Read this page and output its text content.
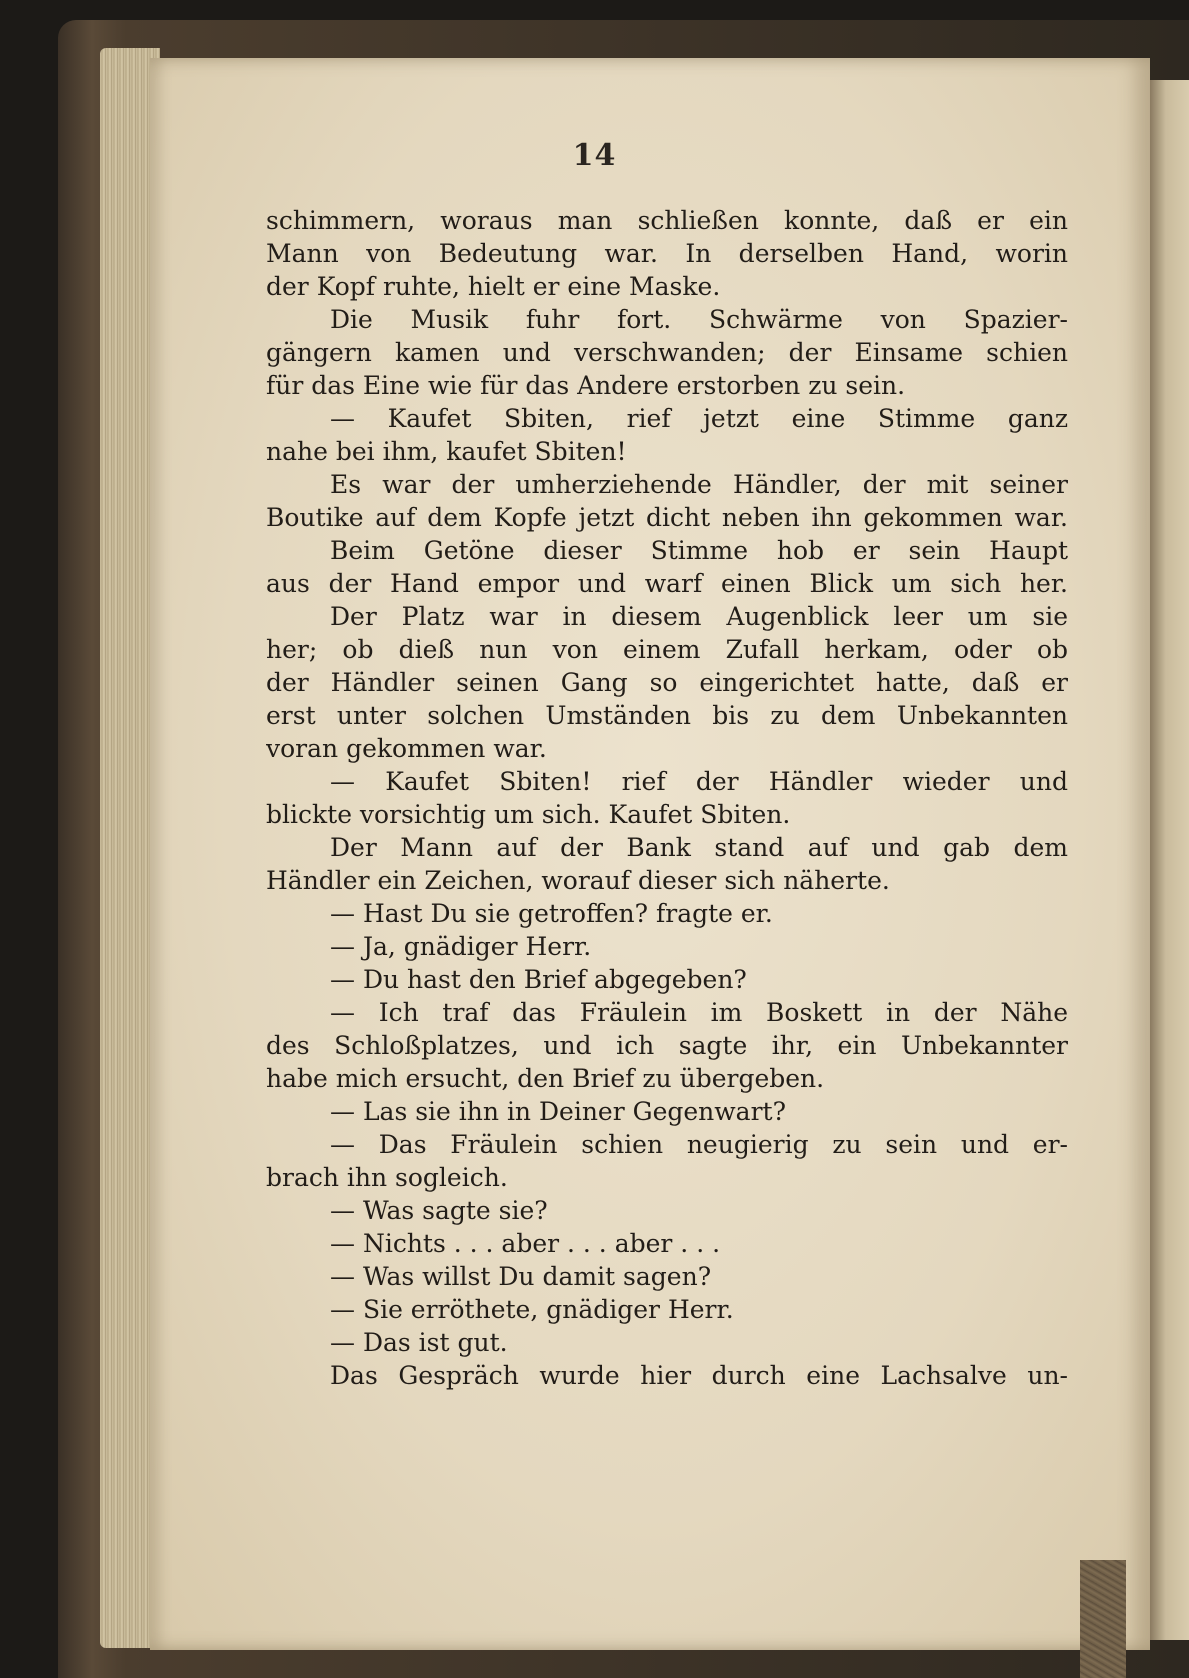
14
schimmern, woraus man schließen konnte, daß er ein
Mann von Bedeutung war. In derselben Hand, worin
der Kopf ruhte, hielt er eine Maske.
Die Musik fuhr fort. Schwärme von Spazier-
gängern kamen und verschwanden; der Einsame schien
für das Eine wie für das Andere erstorben zu sein.
— Kaufet Sbiten, rief jetzt eine Stimme ganz
nahe bei ihm, kaufet Sbiten!
Es war der umherziehende Händler, der mit seiner
Boutike auf dem Kopfe jetzt dicht neben ihn gekommen war.
Beim Getöne dieser Stimme hob er sein Haupt
aus der Hand empor und warf einen Blick um sich her.
Der Platz war in diesem Augenblick leer um sie
her; ob dieß nun von einem Zufall herkam, oder ob
der Händler seinen Gang so eingerichtet hatte, daß er
erst unter solchen Umständen bis zu dem Unbekannten
voran gekommen war.
— Kaufet Sbiten! rief der Händler wieder und
blickte vorsichtig um sich. Kaufet Sbiten.
Der Mann auf der Bank stand auf und gab dem
Händler ein Zeichen, worauf dieser sich näherte.
— Hast Du sie getroffen? fragte er.
— Ja, gnädiger Herr.
— Du hast den Brief abgegeben?
— Ich traf das Fräulein im Boskett in der Nähe
des Schloßplatzes, und ich sagte ihr, ein Unbekannter
habe mich ersucht, den Brief zu übergeben.
— Las sie ihn in Deiner Gegenwart?
— Das Fräulein schien neugierig zu sein und er-
brach ihn sogleich.
— Was sagte sie?
— Nichts . . . aber . . . aber . . .
— Was willst Du damit sagen?
— Sie erröthete, gnädiger Herr.
— Das ist gut.
Das Gespräch wurde hier durch eine Lachsalve un-
